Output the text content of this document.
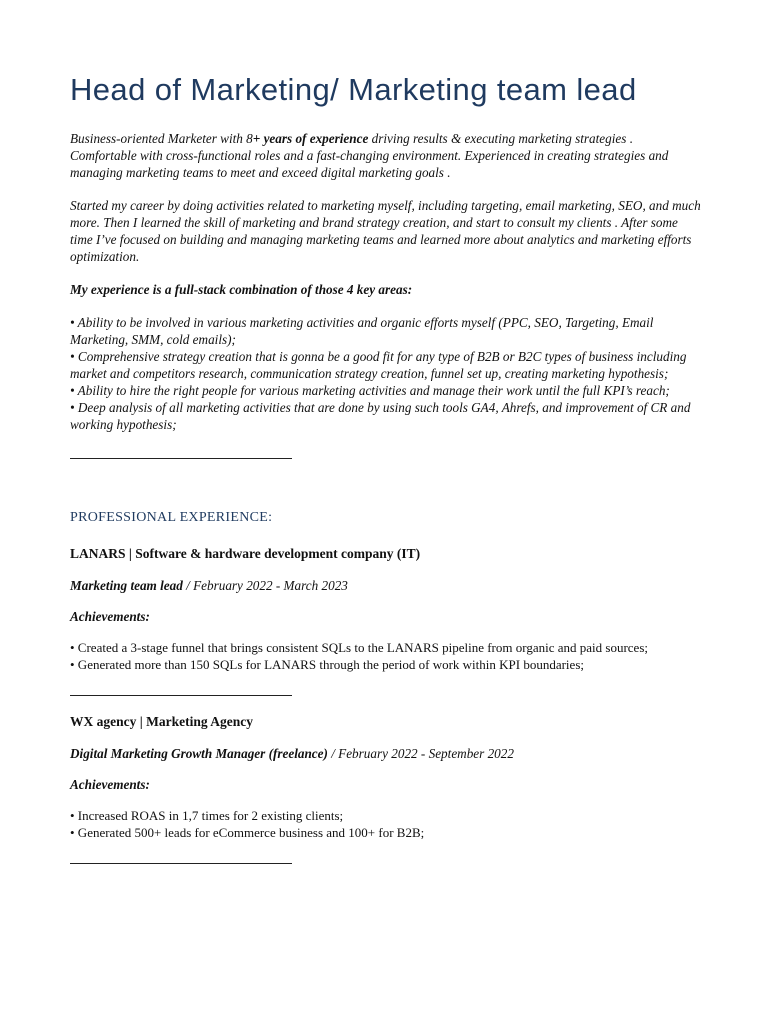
Head of Marketing/ Marketing team lead

Business-oriented Marketer with 8+ years of experience driving results & executing marketing strategies . Comfortable with cross-functional roles and a fast-changing environment. Experienced in creating strategies and managing marketing teams to meet and exceed digital marketing goals .

Started my career by doing activities related to marketing myself, including targeting, email marketing, SEO, and much more. Then I learned the skill of marketing and brand strategy creation, and start to consult my clients . After some time I’ve focused on building and managing marketing teams and learned more about analytics and marketing efforts optimization.

My experience is a full-stack combination of those 4 key areas:

• Ability to be involved in various marketing activities and organic efforts myself (PPC, SEO, Targeting, Email Marketing, SMM, cold emails);
• Comprehensive strategy creation that is gonna be a good fit for any type of B2B or B2C types of business including market and competitors research, communication strategy creation, funnel set up, creating marketing hypothesis;
• Ability to hire the right people for various marketing activities and manage their work until the full KPI’s reach;
• Deep analysis of all marketing activities that are done by using such tools GA4, Ahrefs, and improvement of CR and working hypothesis;
PROFESSIONAL EXPERIENCE:
LANARS | Software & hardware development company (IT)
Marketing team lead / February 2022 - March 2023
Achievements:
• Created a 3-stage funnel that brings consistent SQLs to the LANARS pipeline from organic and paid sources;
• Generated more than 150 SQLs for LANARS through the period of work within KPI boundaries;
WX agency | Marketing Agency
Digital Marketing Growth Manager (freelance) / February 2022 - September 2022
Achievements:
• Increased ROAS in 1,7 times for 2 existing clients;
• Generated 500+ leads for eCommerce business and 100+ for B2B;
